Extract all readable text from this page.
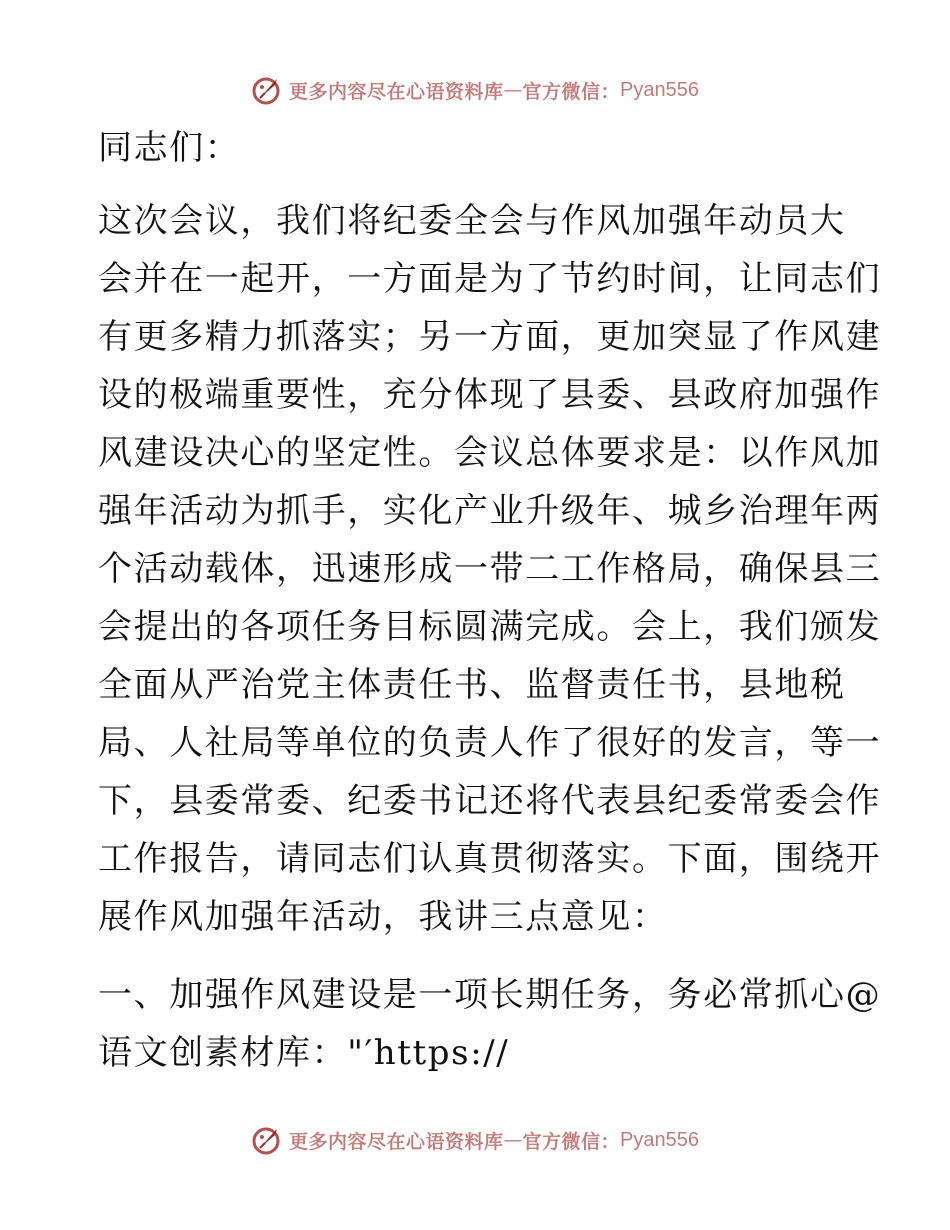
更多内容尽在心语资料库 — 官方微信： Pyan556
同志们：
这次会议，我们将纪委全会与作风加强年动员大
会并在一起开，一方面是为了节约时间，让同志们
有更多精力抓落实；另一方面，更加突显了作风建
设的极端重要性，充分体现了县委、县政府加强作
风建设决心的坚定性。会议总体要求是：以作风加
强年活动为抓手，实化产业升级年、城乡治理年两
个活动载体，迅速形成一带二工作格局，确保县三
会提出的各项任务目标圆满完成。会上，我们颁发
全面从严治党主体责任书、监督责任书，县地税
局、人社局等单位的负责人作了很好的发言，等一
下，县委常委、纪委书记还将代表县纪委常委会作
工作报告，请同志们认真贯彻落实。下面，围绕开
展作风加强年活动，我讲三点意见：
一、加强作风建设是一项长期任务，务必常抓心@
语文创素材库："′https://
更多内容尽在心语资料库 — 官方微信： Pyan556
